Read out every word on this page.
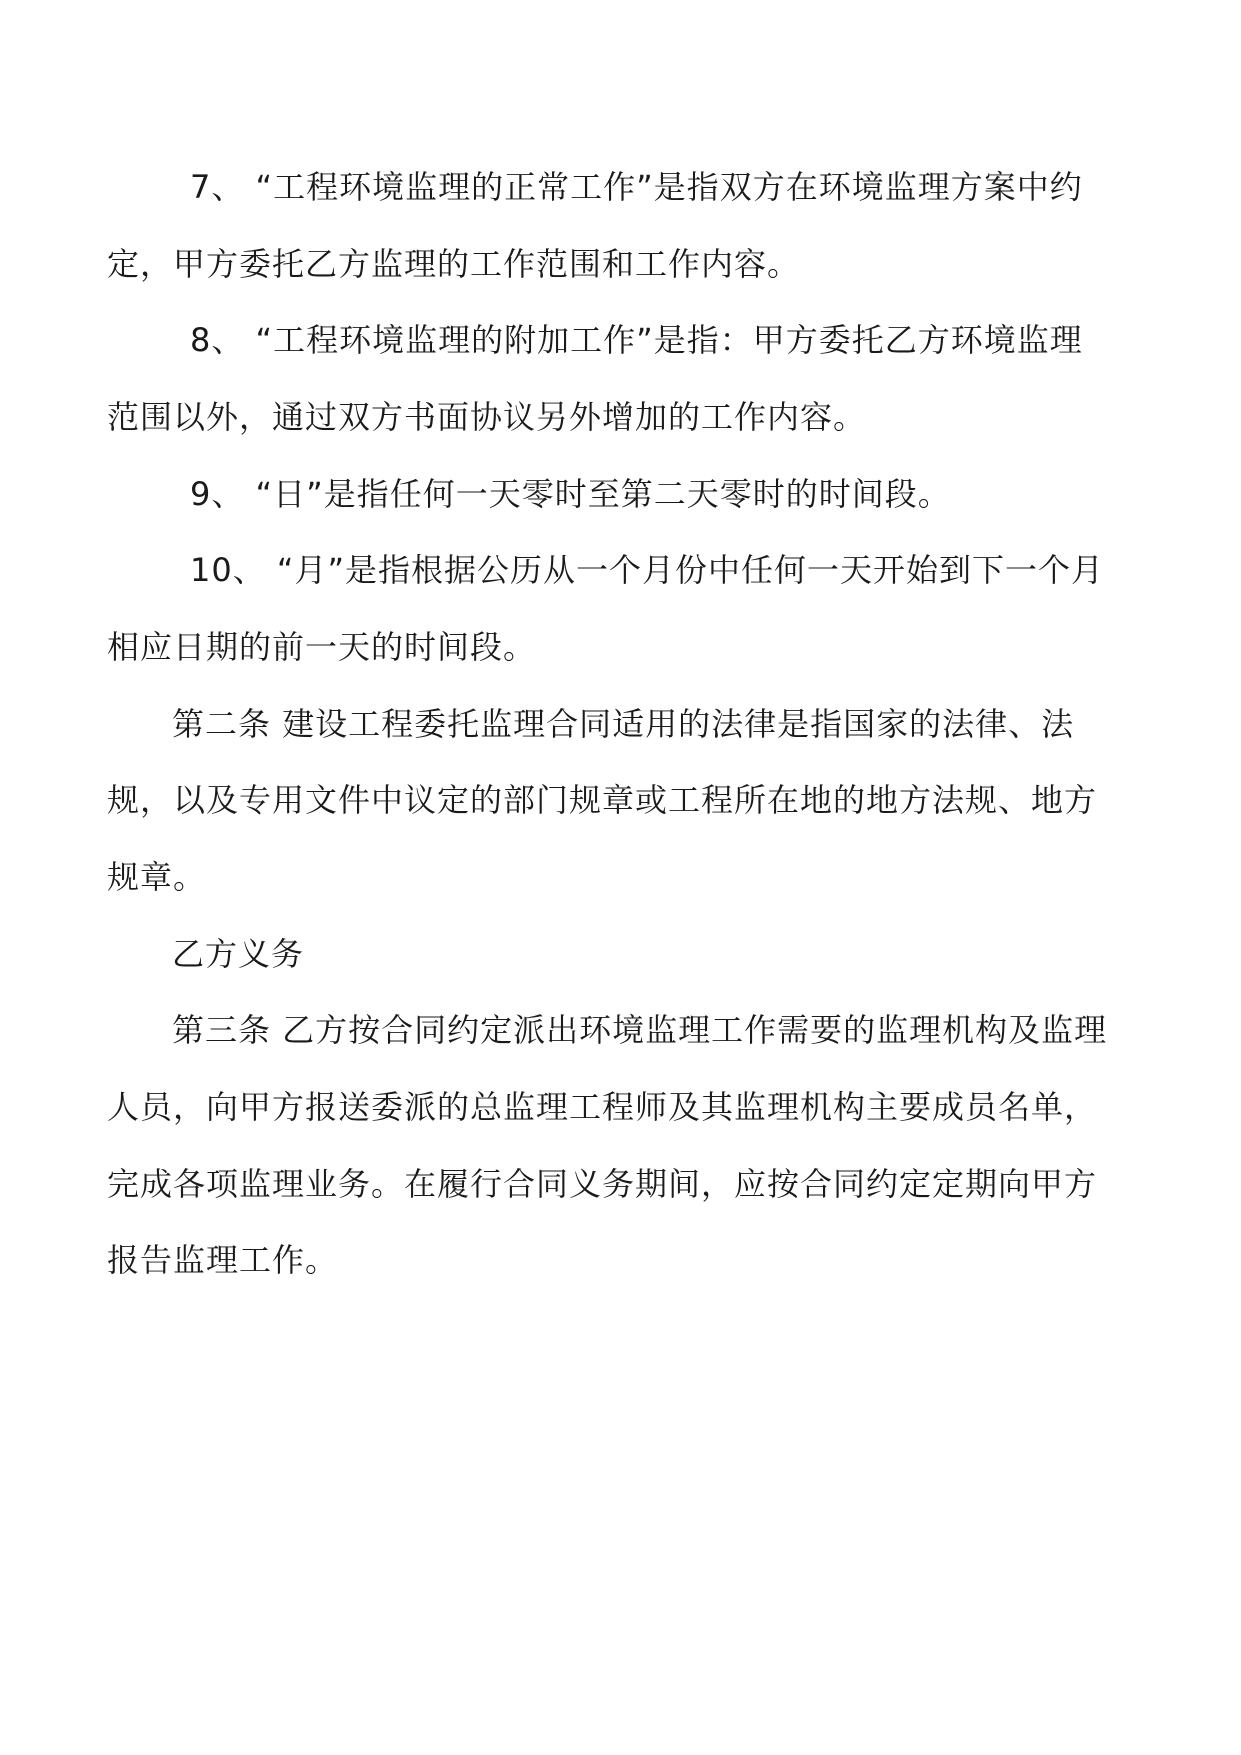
7、 “工程环境监理的正常工作”是指双方在环境监理方案中约
定，甲方委托乙方监理的工作范围和工作内容。
8、 “工程环境监理的附加工作”是指：甲方委托乙方环境监理
范围以外，通过双方书面协议另外增加的工作内容。
9、 “日”是指任何一天零时至第二天零时的时间段。
10、 “月”是指根据公历从一个月份中任何一天开始到下一个月
相应日期的前一天的时间段。
第二条 建设工程委托监理合同适用的法律是指国家的法律、法
规，以及专用文件中议定的部门规章或工程所在地的地方法规、地方
规章。
乙方义务
第三条 乙方按合同约定派出环境监理工作需要的监理机构及监理
人员，向甲方报送委派的总监理工程师及其监理机构主要成员名单，
完成各项监理业务。在履行合同义务期间，应按合同约定定期向甲方
报告监理工作。
